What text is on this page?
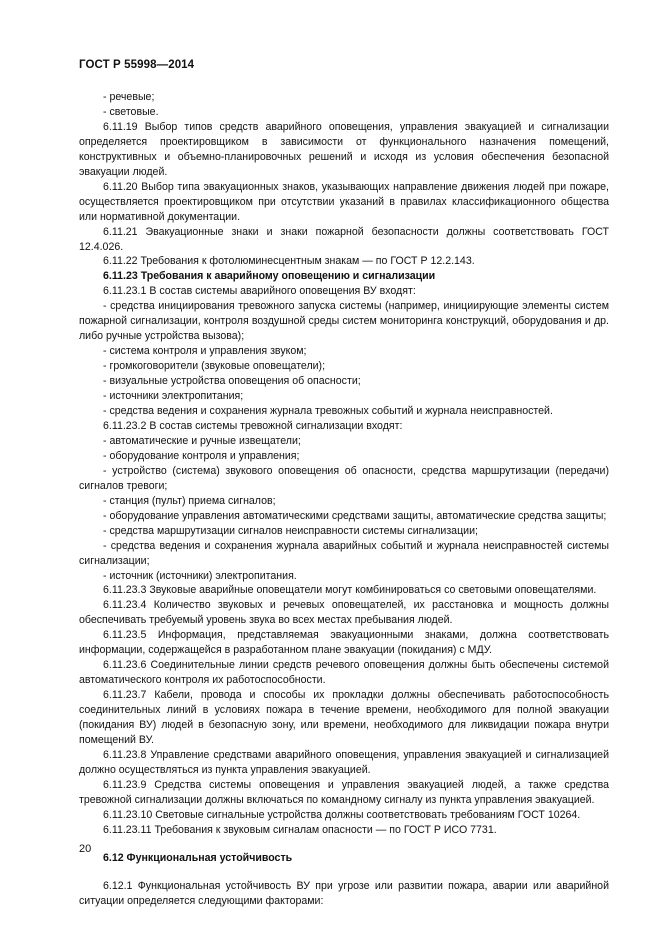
ГОСТ Р 55998—2014

- речевые;

- световые.

6.11.19 Выбор типов средств аварийного оповещения, управления эвакуацией и сигнализации определяется проектировщиком в зависимости от функционального назначения помещений, конструктивных и объемно-планировочных решений и исходя из условия обеспечения безопасной эвакуации людей.

6.11.20 Выбор типа эвакуационных знаков, указывающих направление движения людей при пожаре, осуществляется проектировщиком при отсутствии указаний в правилах классификационного общества или нормативной документации.

6.11.21 Эвакуационные знаки и знаки пожарной безопасности должны соответствовать ГОСТ 12.4.026.

6.11.22 Требования к фотолюминесцентным знакам — по ГОСТ Р 12.2.143.

6.11.23 Требования к аварийному оповещению и сигнализации

6.11.23.1 В состав системы аварийного оповещения ВУ входят:

- средства инициирования тревожного запуска системы (например, инициирующие элементы систем пожарной сигнализации, контроля воздушной среды систем мониторинга конструкций, оборудования и др. либо ручные устройства вызова);

- система контроля и управления звуком;

- громкоговорители (звуковые оповещатели);

- визуальные устройства оповещения об опасности;

- источники электропитания;

- средства ведения и сохранения журнала тревожных событий и журнала неисправностей.

6.11.23.2 В состав системы тревожной сигнализации входят:

- автоматические и ручные извещатели;

- оборудование контроля и управления;

- устройство (система) звукового оповещения об опасности, средства маршрутизации (передачи) сигналов тревоги;

- станция (пульт) приема сигналов;

- оборудование управления автоматическими средствами защиты, автоматические средства защиты;

- средства маршрутизации сигналов неисправности системы сигнализации;

- средства ведения и сохранения журнала аварийных событий и журнала неисправностей системы сигнализации;

- источник (источники) электропитания.

6.11.23.3 Звуковые аварийные оповещатели могут комбинироваться со световыми оповещателями.

6.11.23.4 Количество звуковых и речевых оповещателей, их расстановка и мощность должны обеспечивать требуемый уровень звука во всех местах пребывания людей.

6.11.23.5 Информация, представляемая эвакуационными знаками, должна соответствовать информации, содержащейся в разработанном плане эвакуации (покидания) с МДУ.

6.11.23.6 Соединительные линии средств речевого оповещения должны быть обеспечены системой автоматического контроля их работоспособности.

6.11.23.7 Кабели, провода и способы их прокладки должны обеспечивать работоспособность соединительных линий в условиях пожара в течение времени, необходимого для полной эвакуации (покидания ВУ) людей в безопасную зону, или времени, необходимого для ликвидации пожара внутри помещений ВУ.

6.11.23.8 Управление средствами аварийного оповещения, управления эвакуацией и сигнализацией должно осуществляться из пункта управления эвакуацией.

6.11.23.9 Средства системы оповещения и управления эвакуацией людей, а также средства тревожной сигнализации должны включаться по командному сигналу из пункта управления эвакуацией.

6.11.23.10 Световые сигнальные устройства должны соответствовать требованиям ГОСТ 10264.

6.11.23.11 Требования к звуковым сигналам опасности — по ГОСТ Р ИСО 7731.

6.12 Функциональная устойчивость

6.12.1 Функциональная устойчивость ВУ при угрозе или развитии пожара, аварии или аварийной ситуации определяется следующими факторами:

20
